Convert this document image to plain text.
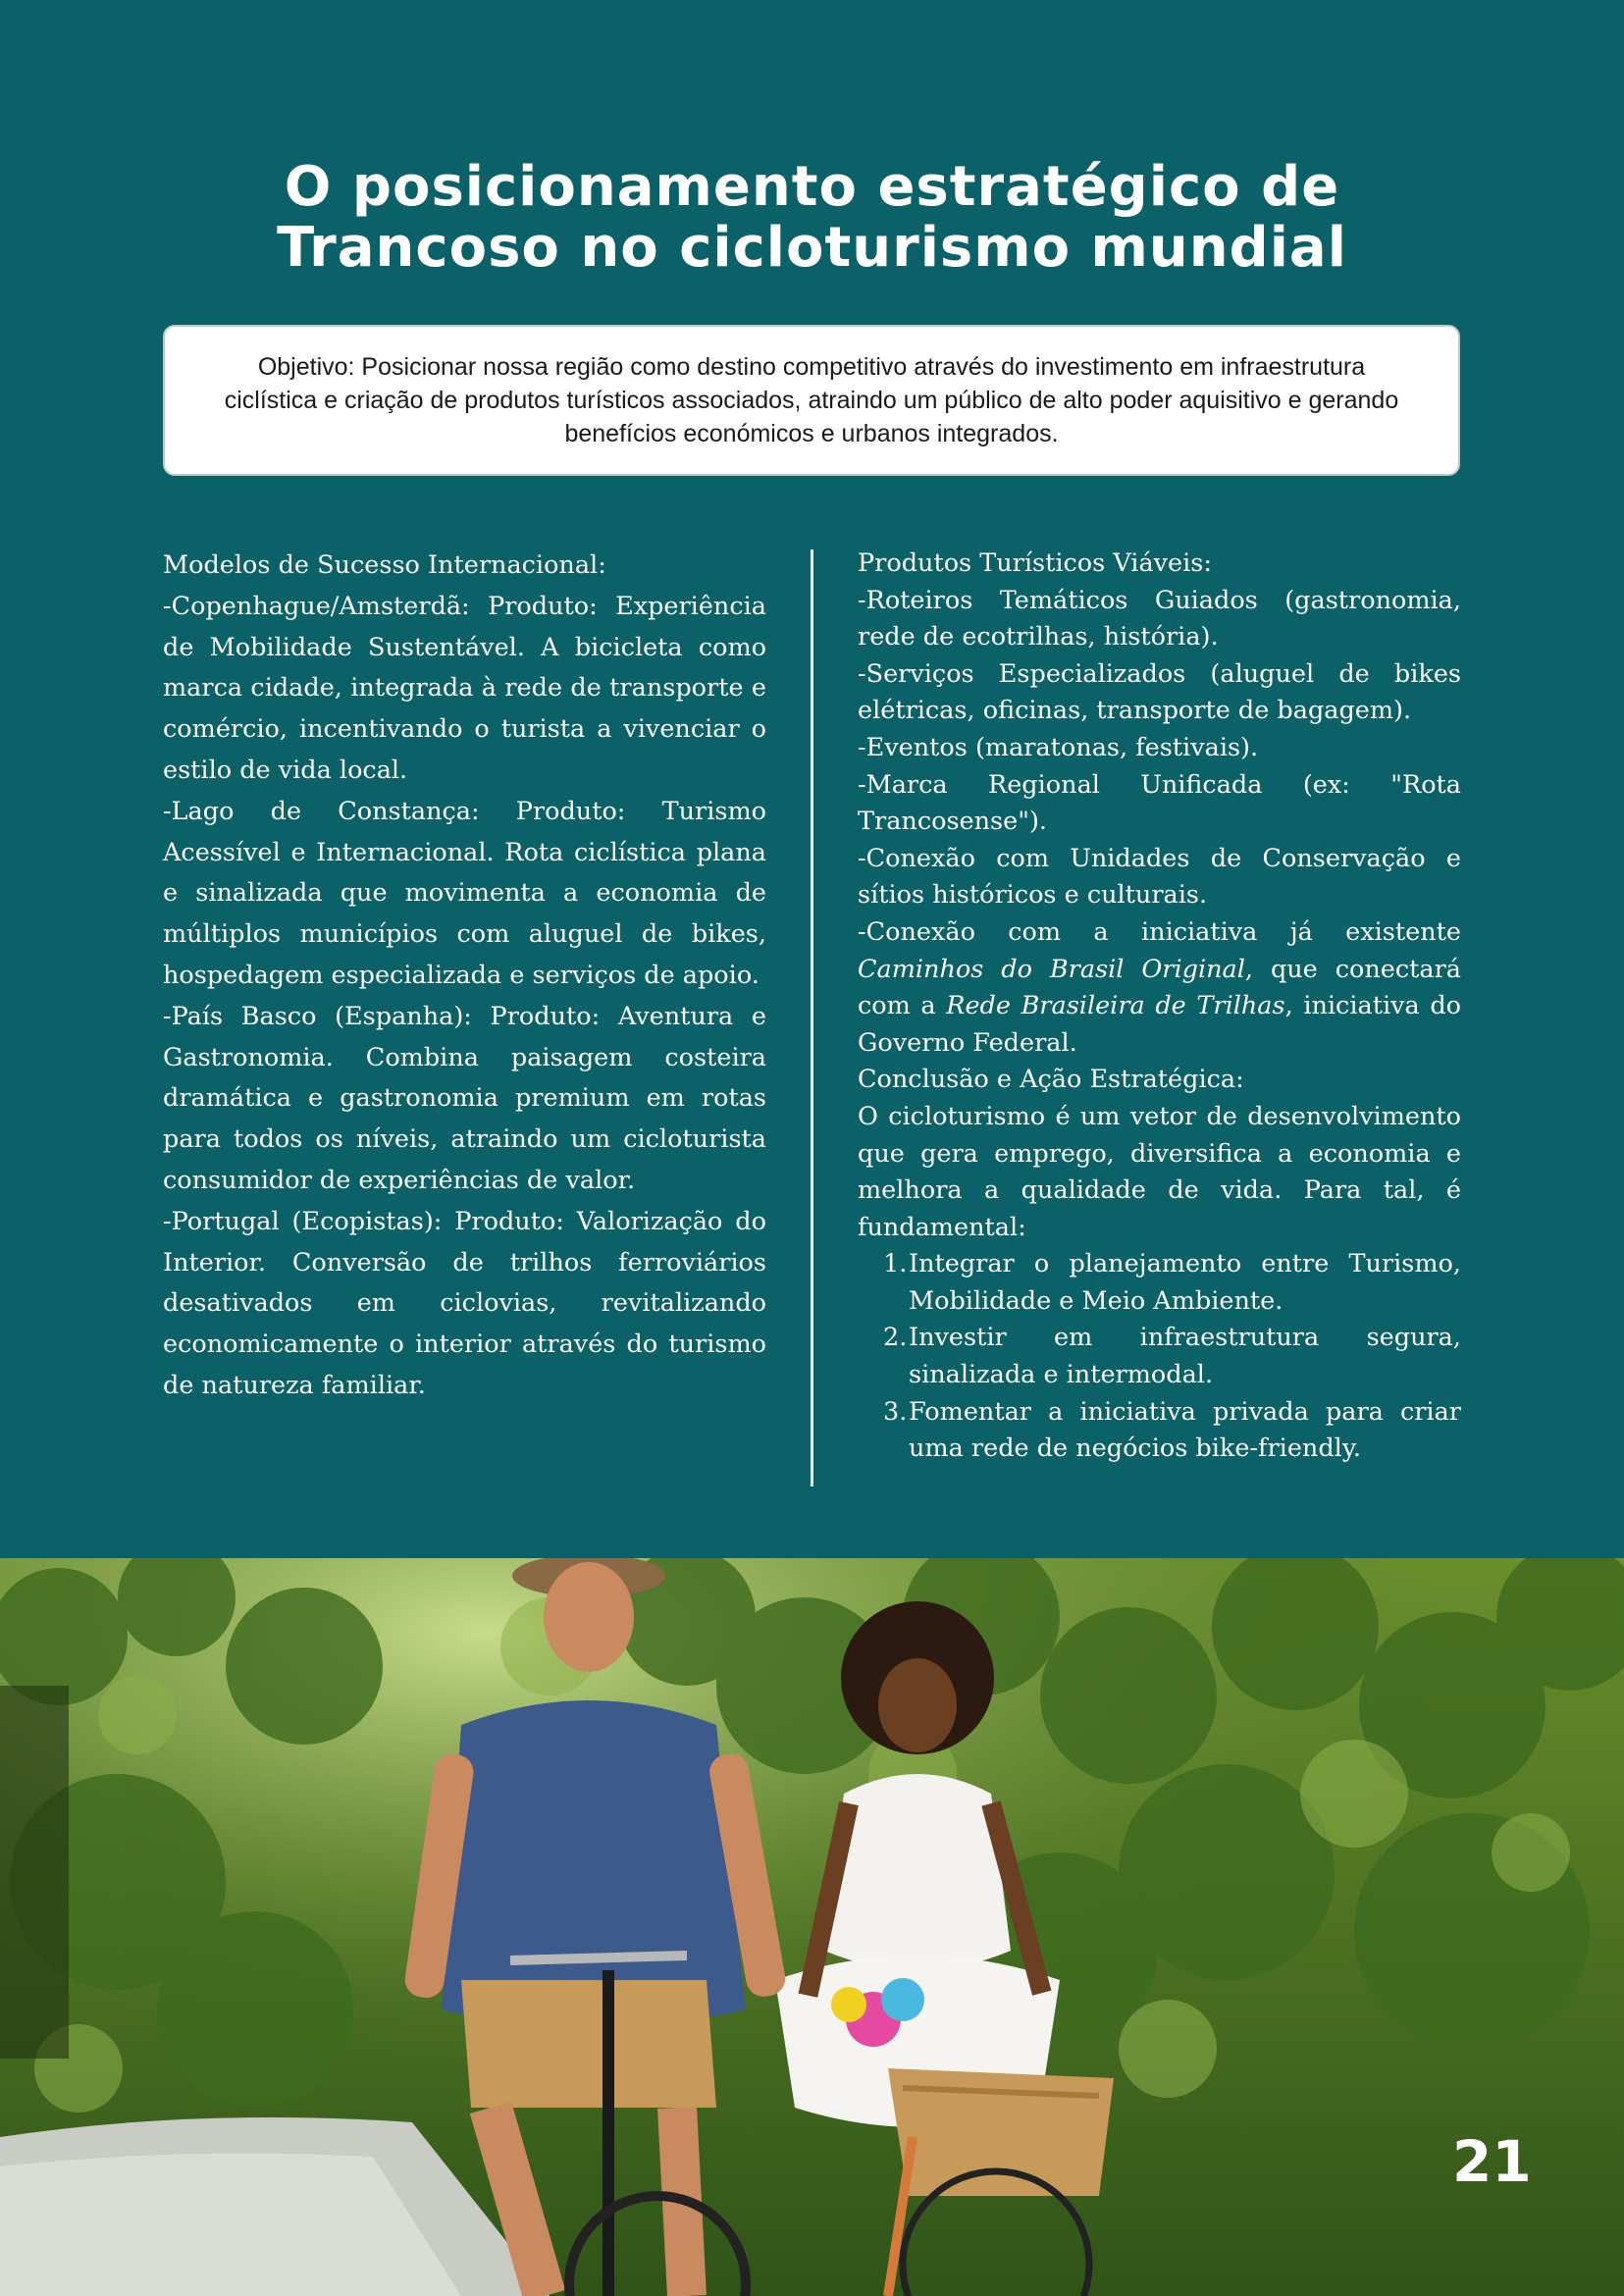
O posicionamento estratégico de
Trancoso no cicloturismo mundial
Objetivo: Posicionar nossa região como destino competitivo através do investimento em infraestrutura ciclística e criação de produtos turísticos associados, atraindo um público de alto poder aquisitivo e gerando benefícios económicos e urbanos integrados.

Modelos de Sucesso Internacional:

-Copenhague/Amsterdã: Produto: Experiência de Mobilidade Sustentável. A bicicleta como marca cidade, integrada à rede de transporte e comércio, incentivando o turista a vivenciar o estilo de vida local.

-Lago de Constança: Produto: Turismo Acessível e Internacional. Rota ciclística plana e sinalizada que movimenta a economia de múltiplos municípios com aluguel de bikes, hospedagem especializada e serviços de apoio.

-País Basco (Espanha): Produto: Aventura e Gastronomia. Combina paisagem costeira dramática e gastronomia premium em rotas para todos os níveis, atraindo um cicloturista consumidor de experiências de valor.

-Portugal (Ecopistas): Produto: Valorização do Interior. Conversão de trilhos ferroviários desativados em ciclovias, revitalizando economicamente o interior através do turismo de natureza familiar.

Produtos Turísticos Viáveis:

-Roteiros Temáticos Guiados (gastronomia, rede de ecotrilhas, história).

-Serviços Especializados (aluguel de bikes elétricas, oficinas, transporte de bagagem).

-Eventos (maratonas, festivais).

-Marca Regional Unificada (ex: "Rota Trancosense").

-Conexão com Unidades de Conservação e sítios históricos e culturais.

-Conexão com a iniciativa já existente Caminhos do Brasil Original, que conectará com a Rede Brasileira de Trilhas, iniciativa do Governo Federal.

Conclusão e Ação Estratégica:

O cicloturismo é um vetor de desenvolvimento que gera emprego, diversifica a economia e melhora a qualidade de vida. Para tal, é fundamental:

1. Integrar o planejamento entre Turismo, Mobilidade e Meio Ambiente.
2. Investir em infraestrutura segura, sinalizada e intermodal.
3. Fomentar a iniciativa privada para criar uma rede de negócios bike-friendly.
21
